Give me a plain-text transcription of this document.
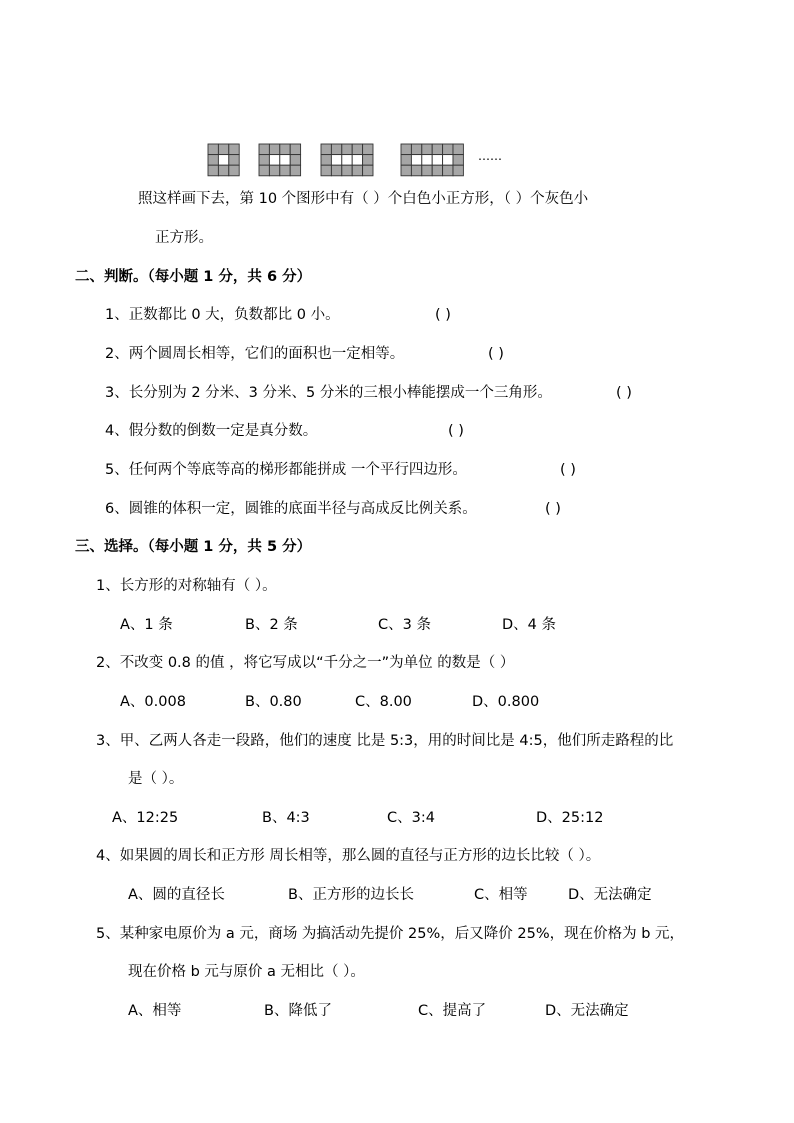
……
照这样画下去，第 10 个图形中有（ ）个白色小正方形，（ ）个灰色小
正方形。
二、判断。（每小题 1 分，共 6 分）
1、正数都比 0 大，负数都比 0 小。	( )
2、两个圆周长相等，它们的面积也一定相等。	( )
3、长分别为 2 分米、3 分米、5 分米的三根小棒能摆成一个三角形。	( )
4、假分数的倒数一定是真分数。	( )
5、任何两个等底等高的梯形都能拼成 一个平行四边形。	( )
6、圆锥的体积一定，圆锥的底面半径与高成反比例关系。	( )
三、选择。（每小题 1 分，共 5 分）
1、长方形的对称轴有（ ）。
A、1 条	B、2 条	C、3 条	D、4 条
2、不改变 0.8 的值 ，将它写成以“千分之一”为单位 的数是（ ）
A、0.008	B、0.80	C、8.00	D、0.800
3、甲、乙两人各走一段路，他们的速度 比是 5:3，用的时间比是 4:5，他们所走路程的比
是（ ）。
A、12:25	B、4:3	C、3:4	D、25:12
4、如果圆的周长和正方形 周长相等，那么圆的直径与正方形的边长比较（ ）。
A、圆的直径长	B、正方形的边长长	C、相等	D、无法确定
5、某种家电原价为 a 元，商场 为搞活动先提价 25%，后又降价 25%，现在价格为 b 元，
现在价格 b 元与原价 a 无相比（ ）。
A、相等	B、降低了	C、提高了	D、无法确定
